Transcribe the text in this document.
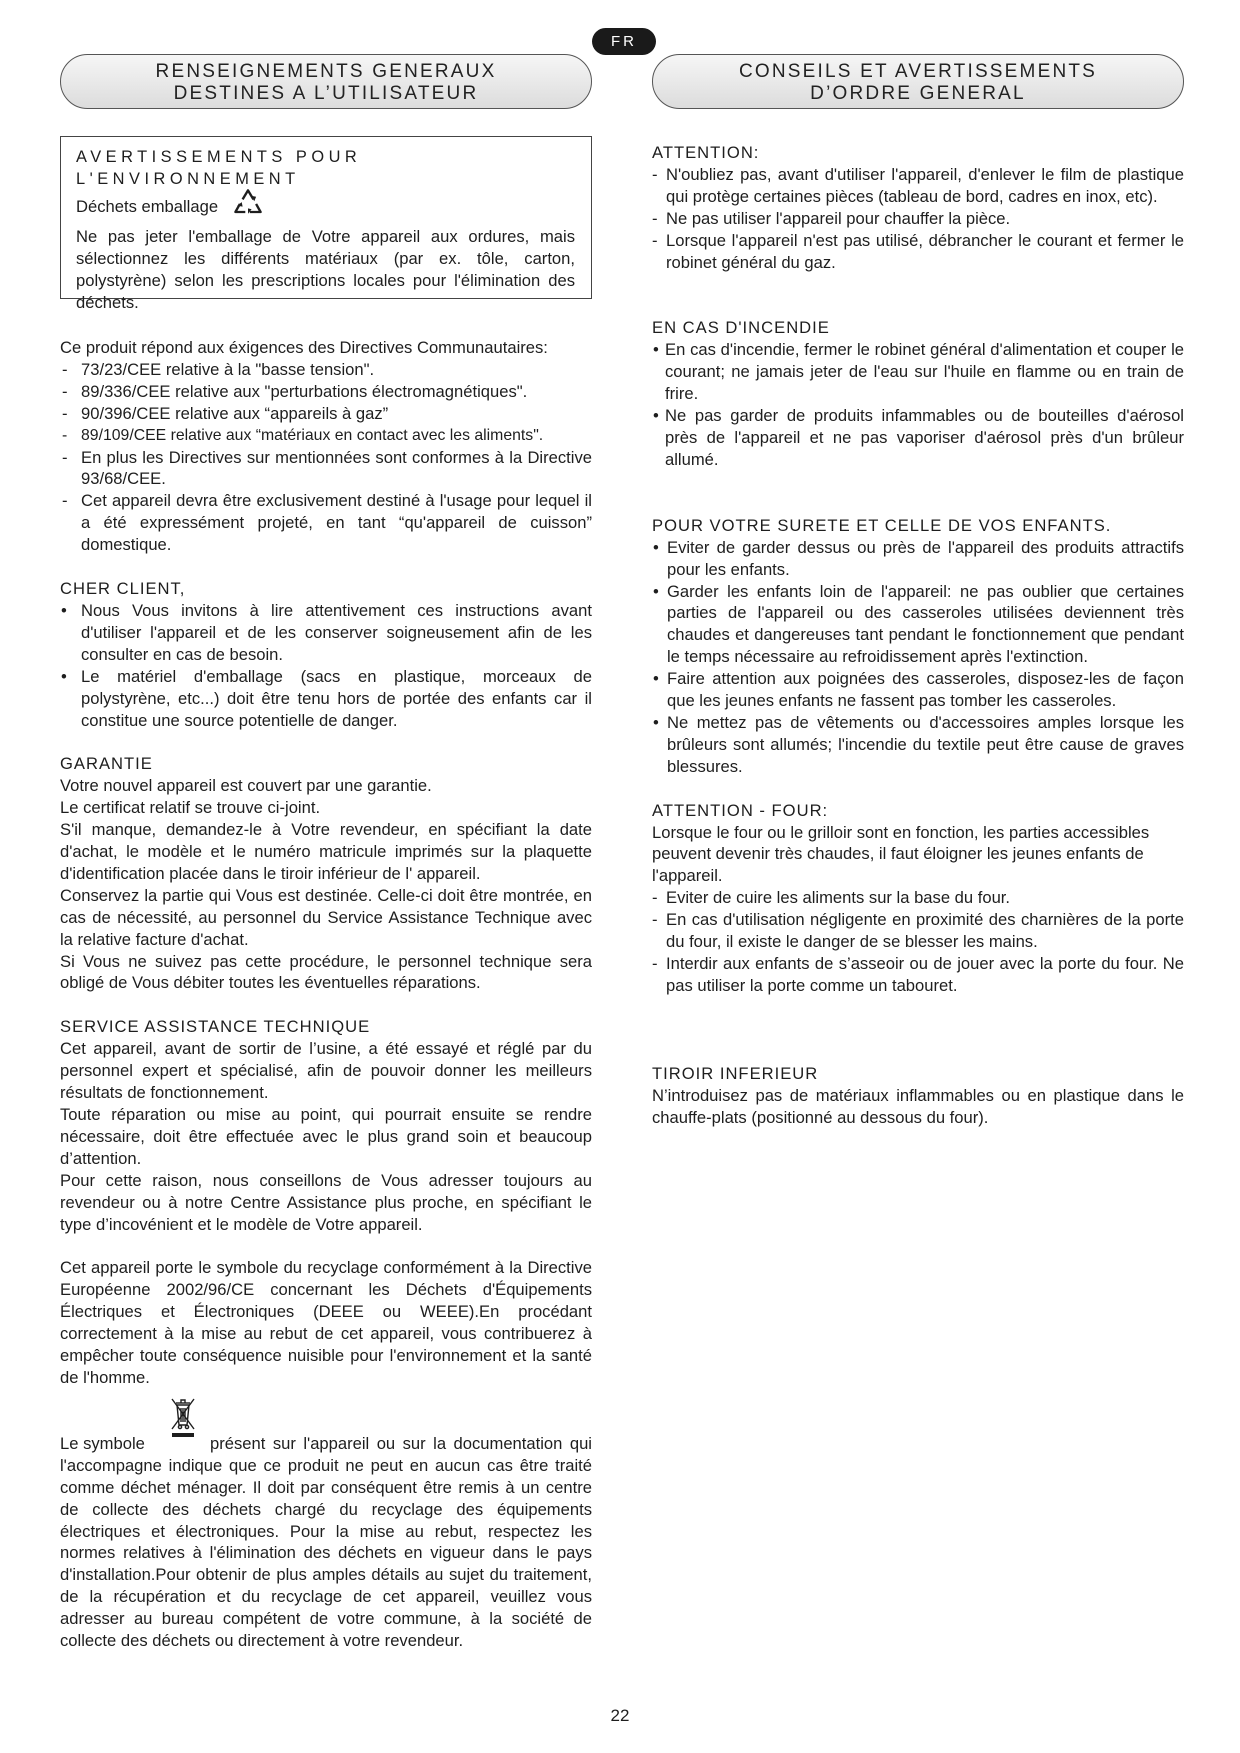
FR
RENSEIGNEMENTS GENERAUX
DESTINES A L’UTILISATEUR
CONSEILS ET AVERTISSEMENTS
D’ORDRE GENERAL
AVERTISSEMENTS POUR L'ENVIRONNEMENT
Déchets emballage
Ne pas jeter l'emballage de Votre appareil aux ordures, mais sélectionnez les différents matériaux (par ex. tôle, carton, polystyrène) selon les prescriptions locales pour l'élimination des déchets.
Ce produit répond aux éxigences des Directives Communautaires:
- 73/23/CEE relative à la "basse tension".
- 89/336/CEE relative aux "perturbations électromagnétiques".
- 90/396/CEE relative aux “appareils à gaz”
- 89/109/CEE relative aux “matériaux en contact avec les aliments".
- En plus les Directives sur mentionnées sont conformes à la Directive 93/68/CEE.
- Cet appareil devra être exclusivement destiné à l'usage pour lequel il a été expressément projeté, en tant “qu'appareil de cuisson” domestique.
CHER CLIENT,
• Nous Vous invitons à lire attentivement ces instructions avant d'utiliser l'appareil et de les conserver soigneusement afin de les consulter en cas de besoin.
• Le matériel d'emballage (sacs en plastique, morceaux de polystyrène, etc...) doit être tenu hors de portée des enfants car il constitue une source potentielle de danger.
GARANTIE
Votre nouvel appareil est couvert par une garantie.
Le certificat relatif se trouve ci-joint.
S'il manque, demandez-le à Votre revendeur, en spécifiant la date d'achat, le modèle et le numéro matricule imprimés sur la plaquette d'identification placée dans le tiroir inférieur de l' appareil.
Conservez la partie qui Vous est destinée. Celle-ci doit être montrée, en cas de nécessité, au personnel du Service Assistance Technique avec la relative facture d'achat.
Si Vous ne suivez pas cette procédure, le personnel technique sera obligé de Vous débiter toutes les éventuelles réparations.
SERVICE ASSISTANCE TECHNIQUE
Cet appareil, avant de sortir de l’usine, a été essayé et réglé par du personnel expert et spécialisé, afin de pouvoir donner les meilleurs résultats de fonctionnement.
Toute réparation ou mise au point, qui pourrait ensuite se rendre nécessaire, doit être effectuée avec le plus grand soin et beaucoup d’attention.
Pour cette raison, nous conseillons de Vous adresser toujours au revendeur ou à notre Centre Assistance plus proche, en spécifiant le type d’incovénient et le modèle de Votre appareil.
Cet appareil porte le symbole du recyclage conformément à la Directive Européenne 2002/96/CE concernant les Déchets d'Équipements Électriques et Électroniques (DEEE ou WEEE).En procédant correctement à la mise au rebut de cet appareil, vous contribuerez à empêcher toute conséquence nuisible pour l'environnement et la santé de l'homme.
Le symbole	présent sur l'appareil ou sur la documentation qui l'accompagne indique que ce produit ne peut en aucun cas être traité comme déchet ménager. Il doit par conséquent être remis à un centre de collecte des déchets chargé du recyclage des équipements électriques et électroniques. Pour la mise au rebut, respectez les normes relatives à l'élimination des déchets en vigueur dans le pays d'installation.Pour obtenir de plus amples détails au sujet du traitement, de la récupération et du recyclage de cet appareil, veuillez vous adresser au bureau compétent de votre commune, à la société de collecte des déchets ou directement à votre revendeur.
ATTENTION:
- N'oubliez pas, avant d'utiliser l'appareil, d'enlever le film de plastique qui protège certaines pièces (tableau de bord, cadres en inox, etc).
- Ne pas utiliser l'appareil pour chauffer la pièce.
- Lorsque l'appareil n'est pas utilisé, débrancher le courant et fermer le robinet général du gaz.
EN CAS D'INCENDIE
• En cas d'incendie, fermer le robinet général d'alimentation et couper le courant; ne jamais jeter de l'eau sur l'huile en flamme ou en train de frire.
• Ne pas garder de produits infammables ou de bouteilles d'aérosol près de l'appareil et ne pas vaporiser d'aérosol près d'un brûleur allumé.
POUR VOTRE SURETE ET CELLE DE VOS ENFANTS.
• Eviter de garder dessus ou près de l'appareil des produits attractifs pour les enfants.
• Garder les enfants loin de l'appareil: ne pas oublier que certaines parties de l'appareil ou des casseroles utilisées deviennent très chaudes et dangereuses tant pendant le fonctionnement que pendant le temps nécessaire au refroidissement après l'extinction.
• Faire attention aux poignées des casseroles, disposez-les de façon que les jeunes enfants ne fassent pas tomber les casseroles.
• Ne mettez pas de vêtements ou d'accessoires amples lorsque les brûleurs sont allumés; l'incendie du textile peut être cause de graves blessures.
ATTENTION - FOUR:
Lorsque le four ou le grilloir sont en fonction, les parties accessibles peuvent devenir très chaudes, il faut éloigner les jeunes enfants de l'appareil.
- Eviter de cuire les aliments sur la base du four.
- En cas d'utilisation négligente en proximité des charnières de la porte du four, il existe le danger de se blesser les mains.
- Interdir aux enfants de s’asseoir ou de jouer avec la porte du four. Ne pas utiliser la porte comme un tabouret.
TIROIR INFERIEUR
N’introduisez pas de matériaux inflammables ou en plastique dans le chauffe-plats (positionné au dessous du four).
22
